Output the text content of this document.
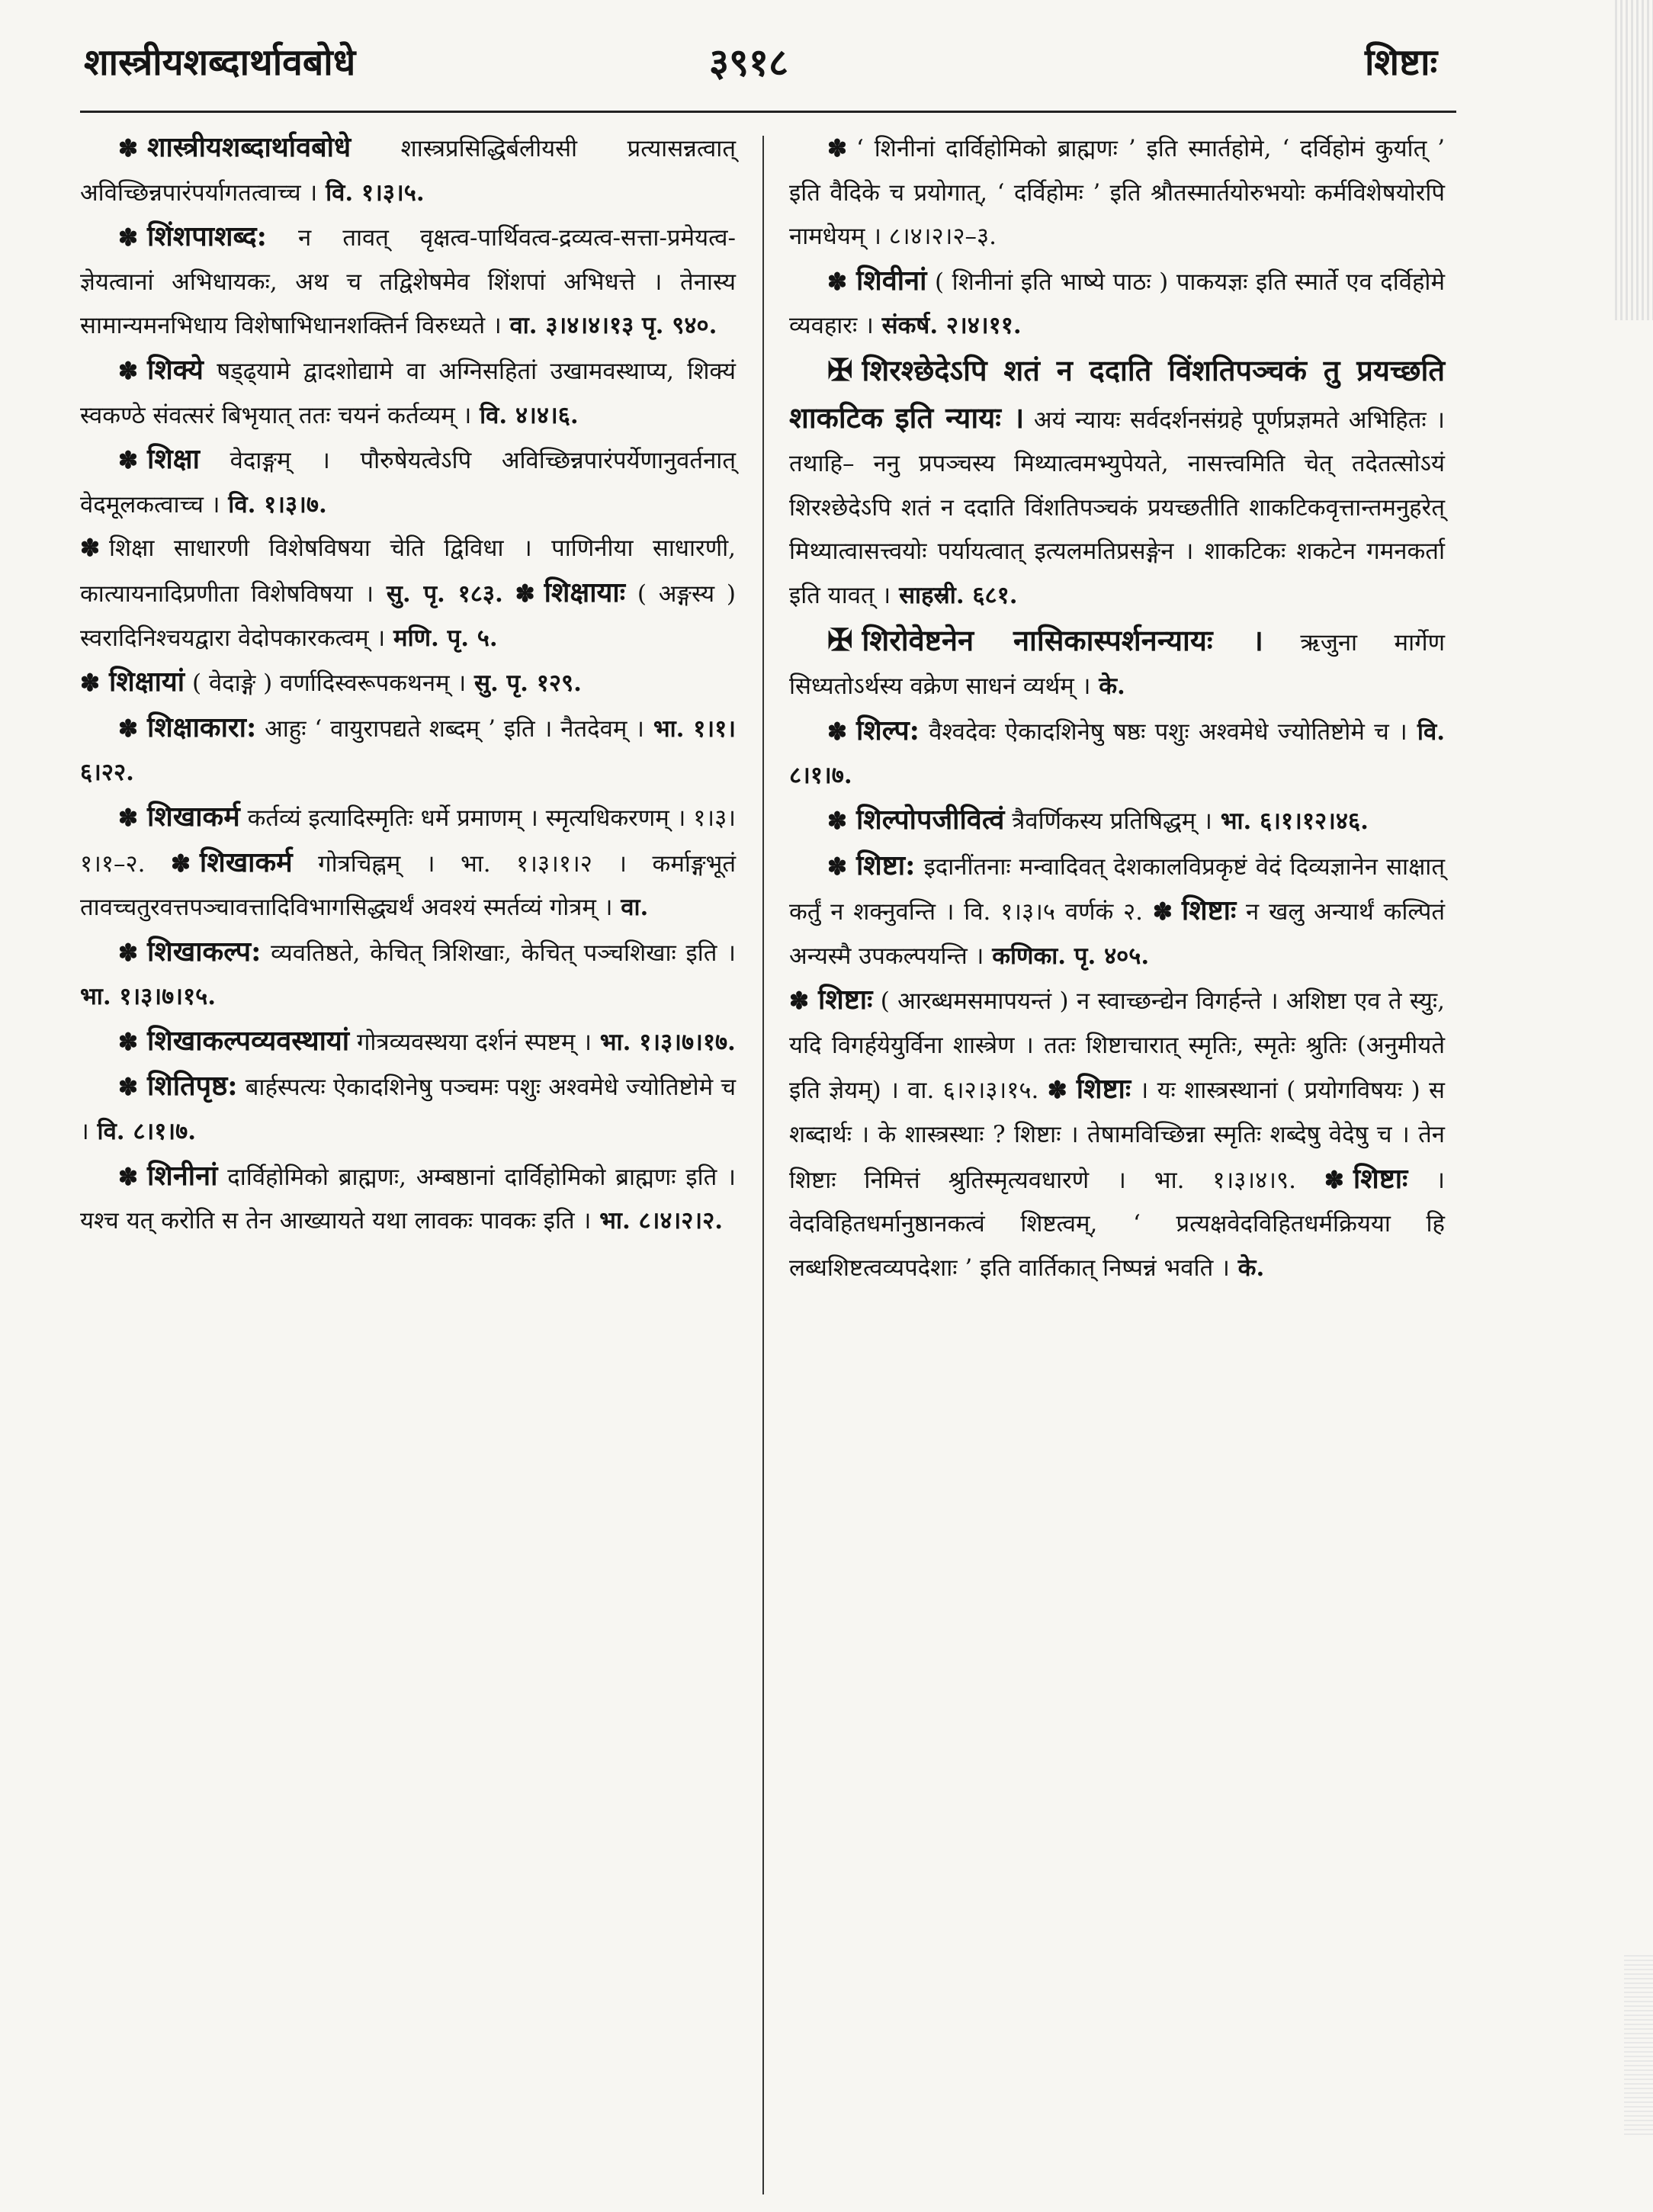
शास्त्रीयशब्दार्थावबोधे	३९१८	शिष्टाः

✽ शास्त्रीयशब्दार्थावबोधे शास्त्रप्रसिद्धिर्बलीयसी प्रत्यासन्नत्वात् अविच्छिन्नपारंपर्यागतत्वाच्च । वि. १।३।५.

✽ शिंशपाशब्द: न तावत् वृक्षत्व-पार्थिवत्व-द्रव्यत्व-सत्ता-प्रमेयत्व-ज्ञेयत्वानां अभिधायकः, अथ च तद्विशेषमेव शिंशपां अभिधत्ते । तेनास्य सामान्यमनभिधाय विशेषाभिधानशक्तिर्न विरुध्यते । वा. ३।४।४।१३ पृ. ९४०.

✽ शिक्ये षड्ढ्यामे द्वादशोद्यामे वा अग्निसहितां उखामवस्थाप्य, शिक्यं स्वकण्ठे संवत्सरं बिभृयात् ततः चयनं कर्तव्यम् । वि. ४।४।६.

✽ शिक्षा वेदाङ्गम् । पौरुषेयत्वेऽपि अविच्छिन्नपारंपर्येणानुवर्तनात् वेदमूलकत्वाच्च । वि. १।३।७.

✽ शिक्षा साधारणी विशेषविषया चेति द्विविधा । पाणिनीया साधारणी, कात्यायनादिप्रणीता विशेषविषया । सु. पृ. १८३. ✽ शिक्षायाः ( अङ्गस्य ) स्वरादिनिश्चयद्वारा वेदोपकारकत्वम् । मणि. पृ. ५.

✽ शिक्षायां ( वेदाङ्गे ) वर्णादिस्वरूपकथनम् । सु. पृ. १२९.

✽ शिक्षाकारा: आहुः ‘ वायुरापद्यते शब्दम् ’ इति । नैतदेवम् । भा. १।१।६।२२.

✽ शिखाकर्म कर्तव्यं इत्यादिस्मृतिः धर्मे प्रमाणम् । स्मृत्यधिकरणम् । १।३।१।१–२. ✽ शिखाकर्म गोत्रचिह्नम् । भा. १।३।१।२ । कर्माङ्गभूतं तावच्चतुरवत्तपञ्चावत्तादिविभागसिद्ध्यर्थं अवश्यं स्मर्तव्यं गोत्रम् । वा.

✽ शिखाकल्प: व्यवतिष्ठते, केचित् त्रिशिखाः, केचित् पञ्चशिखाः इति । भा. १।३।७।१५.

✽ शिखाकल्पव्यवस्थायां गोत्रव्यवस्थया दर्शनं स्पष्टम् । भा. १।३।७।१७.

✽ शितिपृष्ठ: बार्हस्पत्यः ऐकादशिनेषु पञ्चमः पशुः अश्वमेधे ज्योतिष्टोमे च । वि. ८।१।७.

✽ शिनीनां दार्विहोमिको ब्राह्मणः, अम्बष्ठानां दार्विहोमिको ब्राह्मणः इति । यश्च यत् करोति स तेन आख्यायते यथा लावकः पावकः इति । भा. ८।४।२।२.

✽ ‘ शिनीनां दार्विहोमिको ब्राह्मणः ’ इति स्मार्तहोमे, ‘ दर्विहोमं कुर्यात् ’ इति वैदिके च प्रयोगात्, ‘ दर्विहोमः ’ इति श्रौतस्मार्तयोरुभयोः कर्मविशेषयोरपि नामधेयम् । ८।४।२।२–३.

✽ शिवीनां ( शिनीनां इति भाष्ये पाठः ) पाकयज्ञः इति स्मार्ते एव दर्विहोमे व्यवहारः । संकर्ष. २।४।११.

✠ शिरश्छेदेऽपि शतं न ददाति विंशतिपञ्चकं तु प्रयच्छति शाकटिक इति न्यायः । अयं न्यायः सर्वदर्शनसंग्रहे पूर्णप्रज्ञमते अभिहितः । तथाहि– ननु प्रपञ्चस्य मिथ्यात्वमभ्युपेयते, नासत्त्वमिति चेत् तदेतत्सोऽयं शिरश्छेदेऽपि शतं न ददाति विंशतिपञ्चकं प्रयच्छतीति शाकटिकवृत्तान्तमनुहरेत् मिथ्यात्वासत्त्वयोः पर्यायत्वात् इत्यलमतिप्रसङ्गेन । शाकटिकः शकटेन गमनकर्ता इति यावत् । साहस्री. ६८१.

✠ शिरोवेष्टनेन नासिकास्पर्शनन्यायः । ऋजुना मार्गेण सिध्यतोऽर्थस्य वक्रेण साधनं व्यर्थम् । के.

✽ शिल्प: वैश्वदेवः ऐकादशिनेषु षष्ठः पशुः अश्वमेधे ज्योतिष्टोमे च । वि. ८।१।७.

✽ शिल्पोपजीवित्वं त्रैवर्णिकस्य प्रतिषिद्धम् । भा. ६।१।१२।४६.

✽ शिष्टा: इदानींतनाः मन्वादिवत् देशकालविप्रकृष्टं वेदं दिव्यज्ञानेन साक्षात् कर्तुं न शक्नुवन्ति । वि. १।३।५ वर्णकं २. ✽ शिष्टाः न खलु अन्यार्थं कल्पितं अन्यस्मै उपकल्पयन्ति । कणिका. पृ. ४०५.

✽ शिष्टाः ( आरब्धमसमापयन्तं ) न स्वाच्छन्द्येन विगर्हन्ते । अशिष्टा एव ते स्युः, यदि विगर्हयेयुर्विना शास्त्रेण । ततः शिष्टाचारात् स्मृतिः, स्मृतेः श्रुतिः (अनुमीयते इति ज्ञेयम्) । वा. ६।२।३।१५. ✽ शिष्टाः । यः शास्त्रस्थानां ( प्रयोगविषयः ) स शब्दार्थः । के शास्त्रस्थाः ? शिष्टाः । तेषामविच्छिन्ना स्मृतिः शब्देषु वेदेषु च । तेन शिष्टाः निमित्तं श्रुतिस्मृत्यवधारणे । भा. १।३।४।९. ✽ शिष्टाः । वेदविहितधर्मानुष्ठानकत्वं शिष्टत्वम्, ‘ प्रत्यक्षवेदविहितधर्मक्रियया हि लब्धशिष्टत्वव्यपदेशाः ’ इति वार्तिकात् निष्पन्नं भवति । के.
